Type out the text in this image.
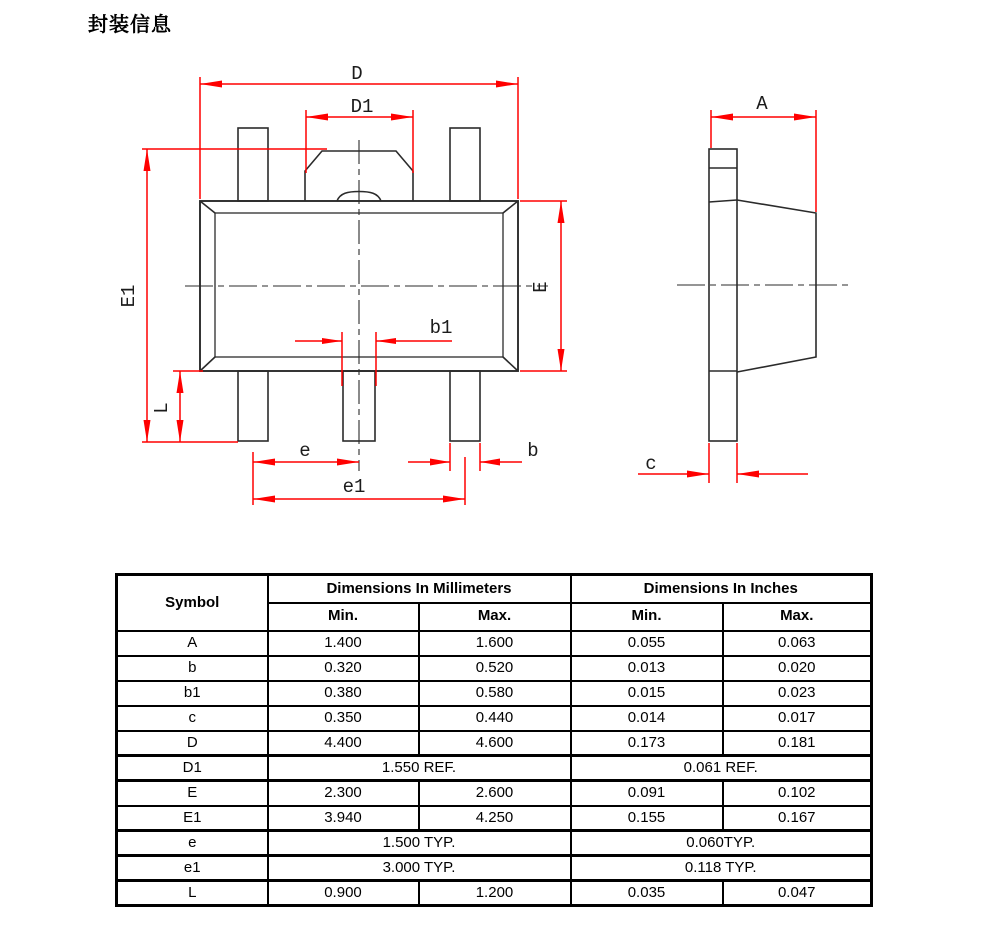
封装信息
D
D1
E1	E
L
b1
e	b
e1
A
c
Symbol	Dimensions In Millimeters		Dimensions In Inches	
	Min.	Max.	Min.	Max.
A	1.400	1.600	0.055	0.063
b	0.320	0.520	0.013	0.020
b1	0.380	0.580	0.015	0.023
c	0.350	0.440	0.014	0.017
D	4.400	4.600	0.173	0.181
D1	1.550 REF.		0.061 REF.	
E	2.300	2.600	0.091	0.102
E1	3.940	4.250	0.155	0.167
e	1.500 TYP.		0.060TYP.	
e1	3.000 TYP.		0.118 TYP.	
L	0.900	1.200	0.035	0.047
